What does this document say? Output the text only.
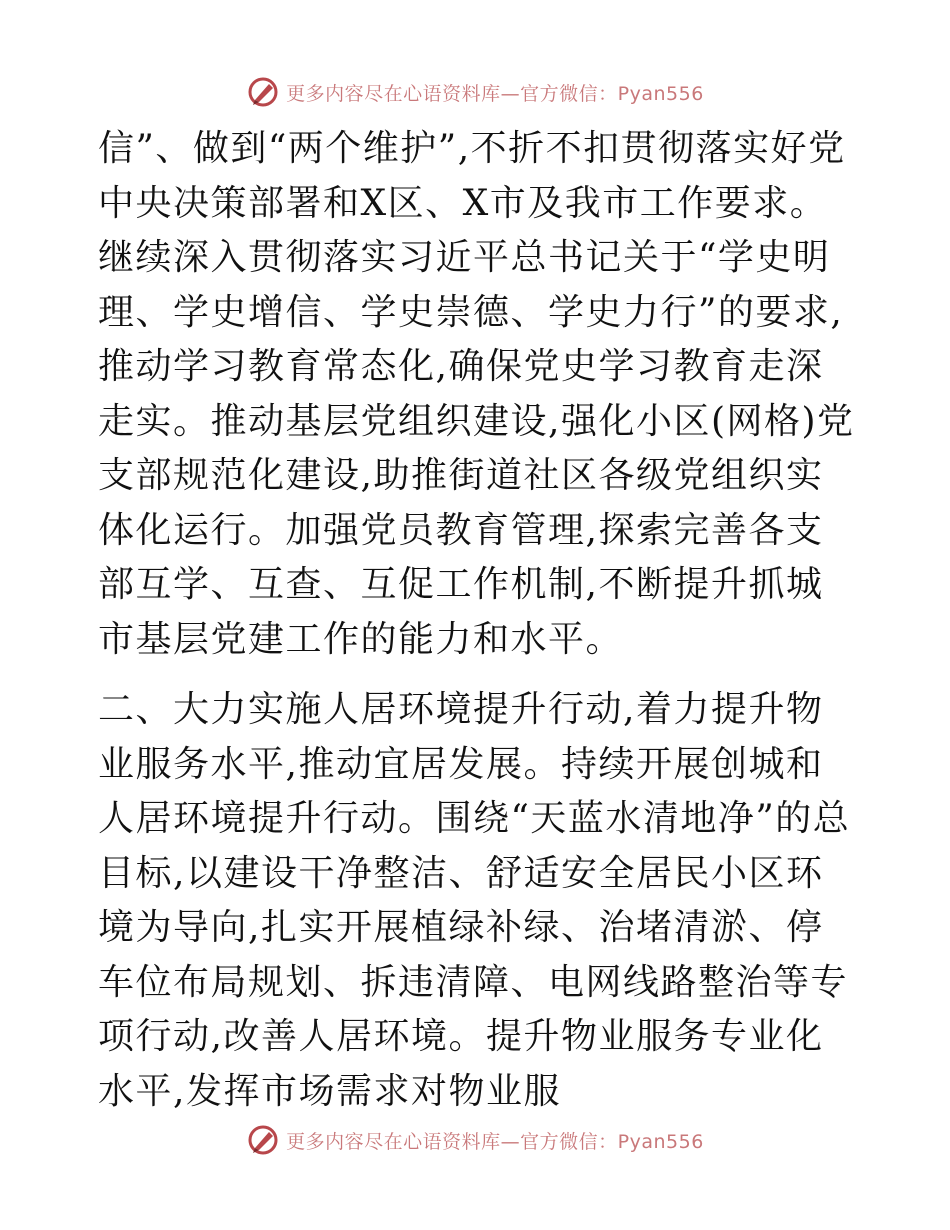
更多内容尽在心语资料库—官方微信：Pyan556

信”、做到“两个维护”,不折不扣贯彻落实好党中央决策部署和X区、X市及我市工作要求。继续深入贯彻落实习近平总书记关于“学史明理、学史增信、学史崇德、学史力行”的要求,推动学习教育常态化,确保党史学习教育走深走实。推动基层党组织建设,强化小区(网格)党支部规范化建设,助推街道社区各级党组织实体化运行。加强党员教育管理,探索完善各支部互学、互查、互促工作机制,不断提升抓城市基层党建工作的能力和水平。

二、大力实施人居环境提升行动,着力提升物业服务水平,推动宜居发展。持续开展创城和人居环境提升行动。围绕“天蓝水清地净”的总目标,以建设干净整洁、舒适安全居民小区环境为导向,扎实开展植绿补绿、治堵清淤、停车位布局规划、拆违清障、电网线路整治等专项行动,改善人居环境。提升物业服务专业化水平,发挥市场需求对物业服

更多内容尽在心语资料库—官方微信：Pyan556
